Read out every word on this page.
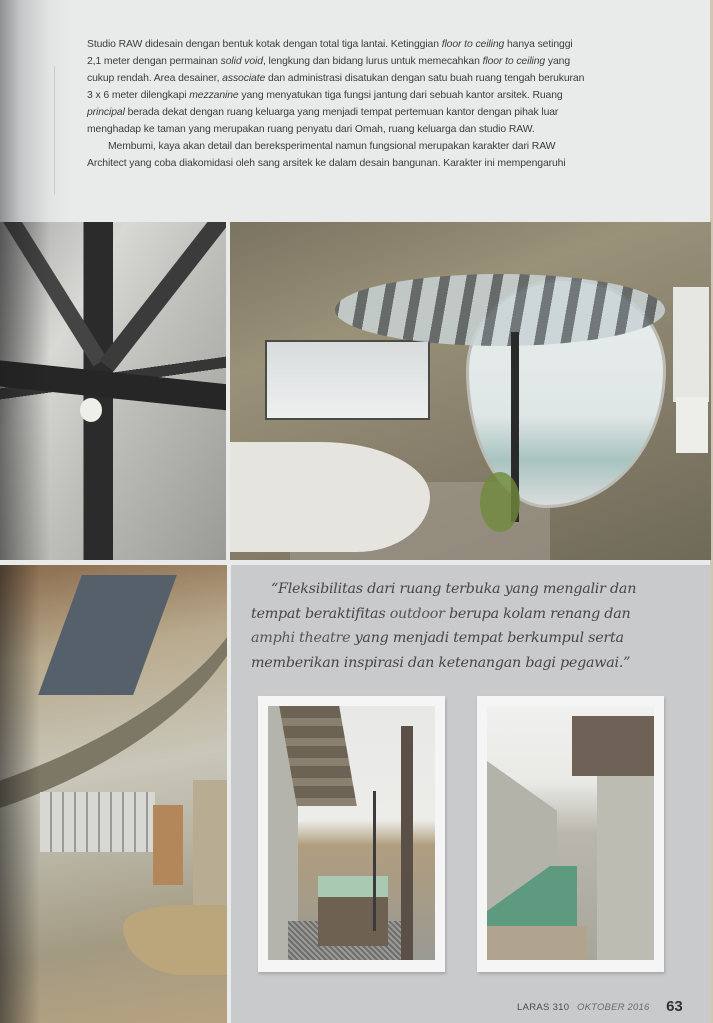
Studio RAW didesain dengan bentuk kotak dengan total tiga lantai. Ketinggian floor to ceiling hanya setinggi
2,1 meter dengan permainan solid void, lengkung dan bidang lurus untuk memecahkan floor to ceiling yang
cukup rendah. Area desainer, associate dan administrasi disatukan dengan satu buah ruang tengah berukuran
3 x 6 meter dilengkapi mezzanine yang menyatukan tiga fungsi jantung dari sebuah kantor arsitek. Ruang
principal berada dekat dengan ruang keluarga yang menjadi tempat pertemuan kantor dengan pihak luar
menghadap ke taman yang merupakan ruang penyatu dari Omah, ruang keluarga dan studio RAW.

Membumi, kaya akan detail dan bereksperimental namun fungsional merupakan karakter dari RAW
Architect yang coba diakomidasi oleh sang arsitek ke dalam desain bangunan. Karakter ini mempengaruhi

“Fleksibilitas dari ruang terbuka yang mengalir dan
tempat beraktifitas outdoor berupa kolam renang dan
amphi theatre yang menjadi tempat berkumpul serta
memberikan inspirasi dan ketenangan bagi pegawai.”
LARAS 310 OKTOBER 2016 63
